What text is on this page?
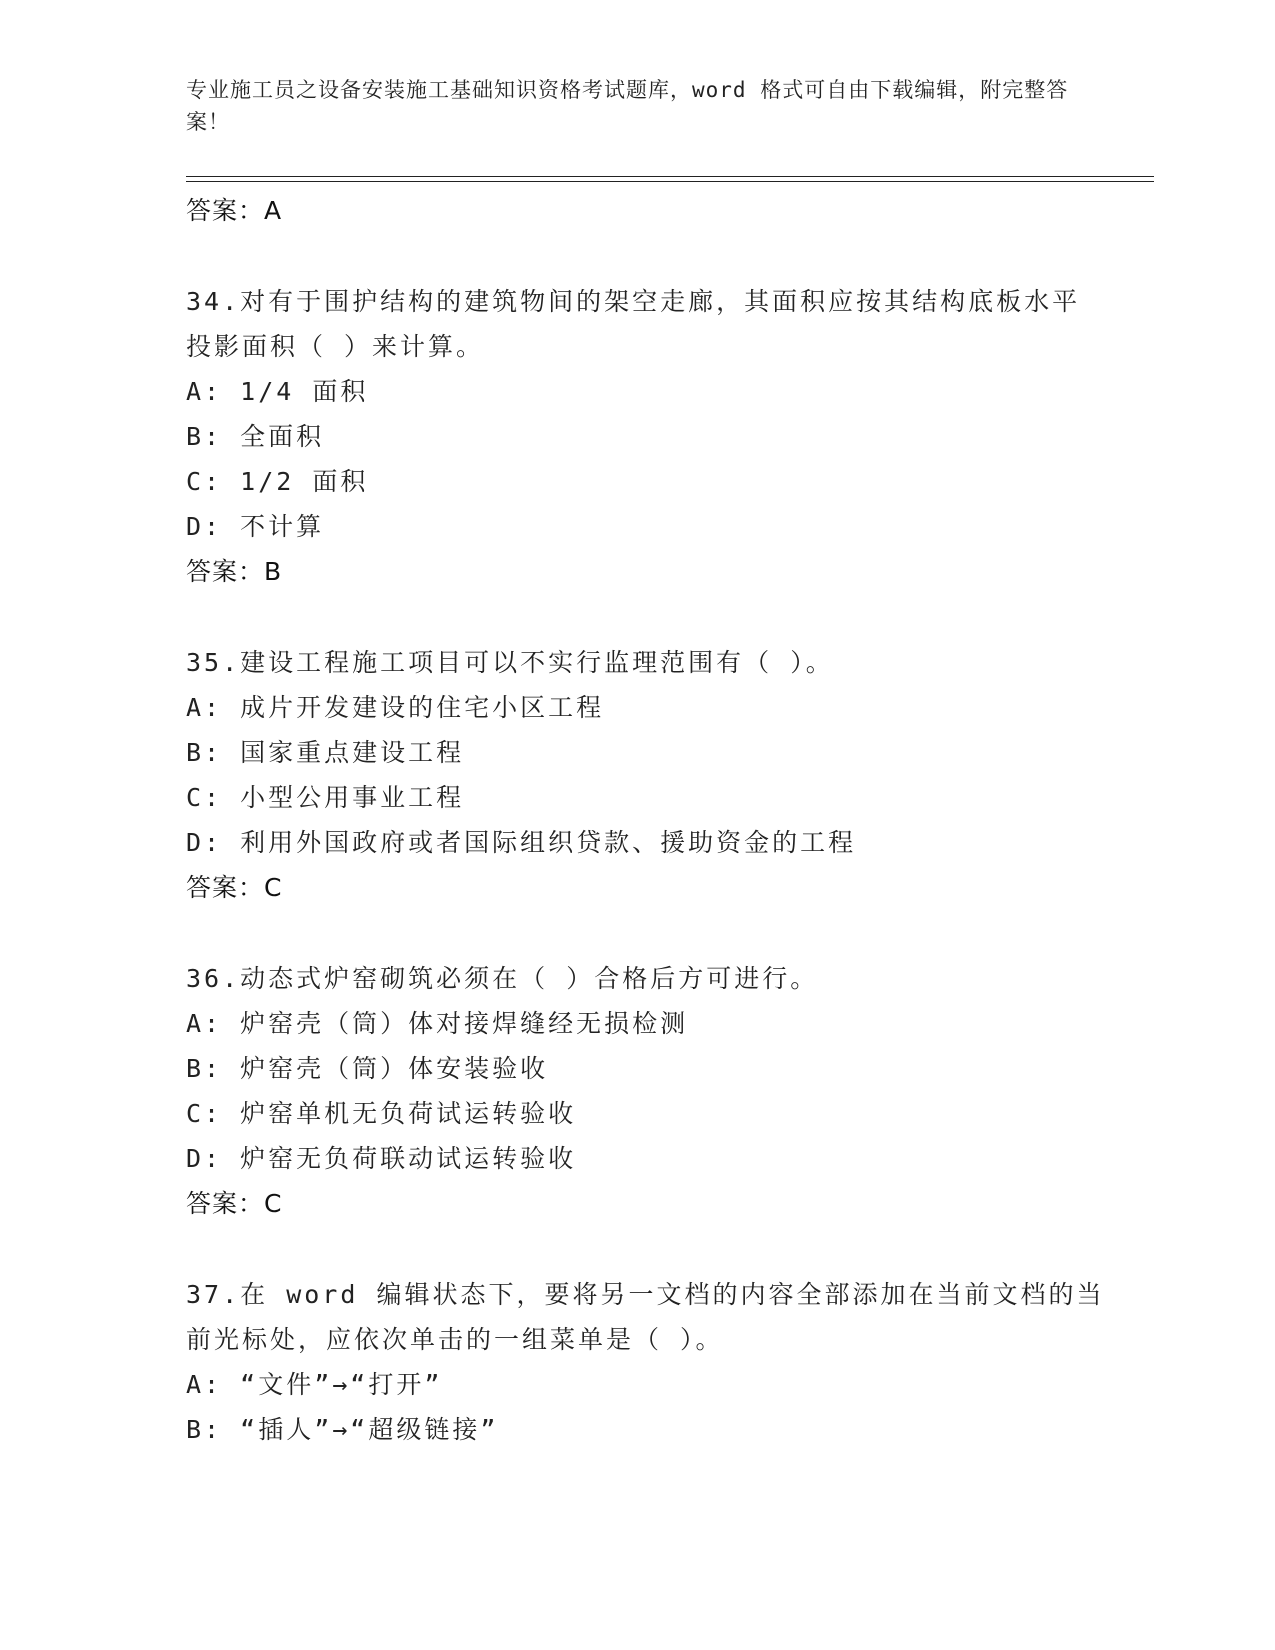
专业施工员之设备安装施工基础知识资格考试题库，word 格式可自由下载编辑，附完整答案！
答案：A
34.对有于围护结构的建筑物间的架空走廊，其面积应按其结构底板水平投影面积（ ）来计算。
A: 1/4 面积
B: 全面积
C: 1/2 面积
D: 不计算
答案：B
35.建设工程施工项目可以不实行监理范围有（ ）。
A: 成片开发建设的住宅小区工程
B: 国家重点建设工程
C: 小型公用事业工程
D: 利用外国政府或者国际组织贷款、援助资金的工程
答案：C
36.动态式炉窑砌筑必须在（ ）合格后方可进行。
A: 炉窑壳（筒）体对接焊缝经无损检测
B: 炉窑壳（筒）体安装验收
C: 炉窑单机无负荷试运转验收
D: 炉窑无负荷联动试运转验收
答案：C
37.在 word 编辑状态下，要将另一文档的内容全部添加在当前文档的当前光标处，应依次单击的一组菜单是（ ）。
A: “文件”→“打开”
B: “插人”→“超级链接”
